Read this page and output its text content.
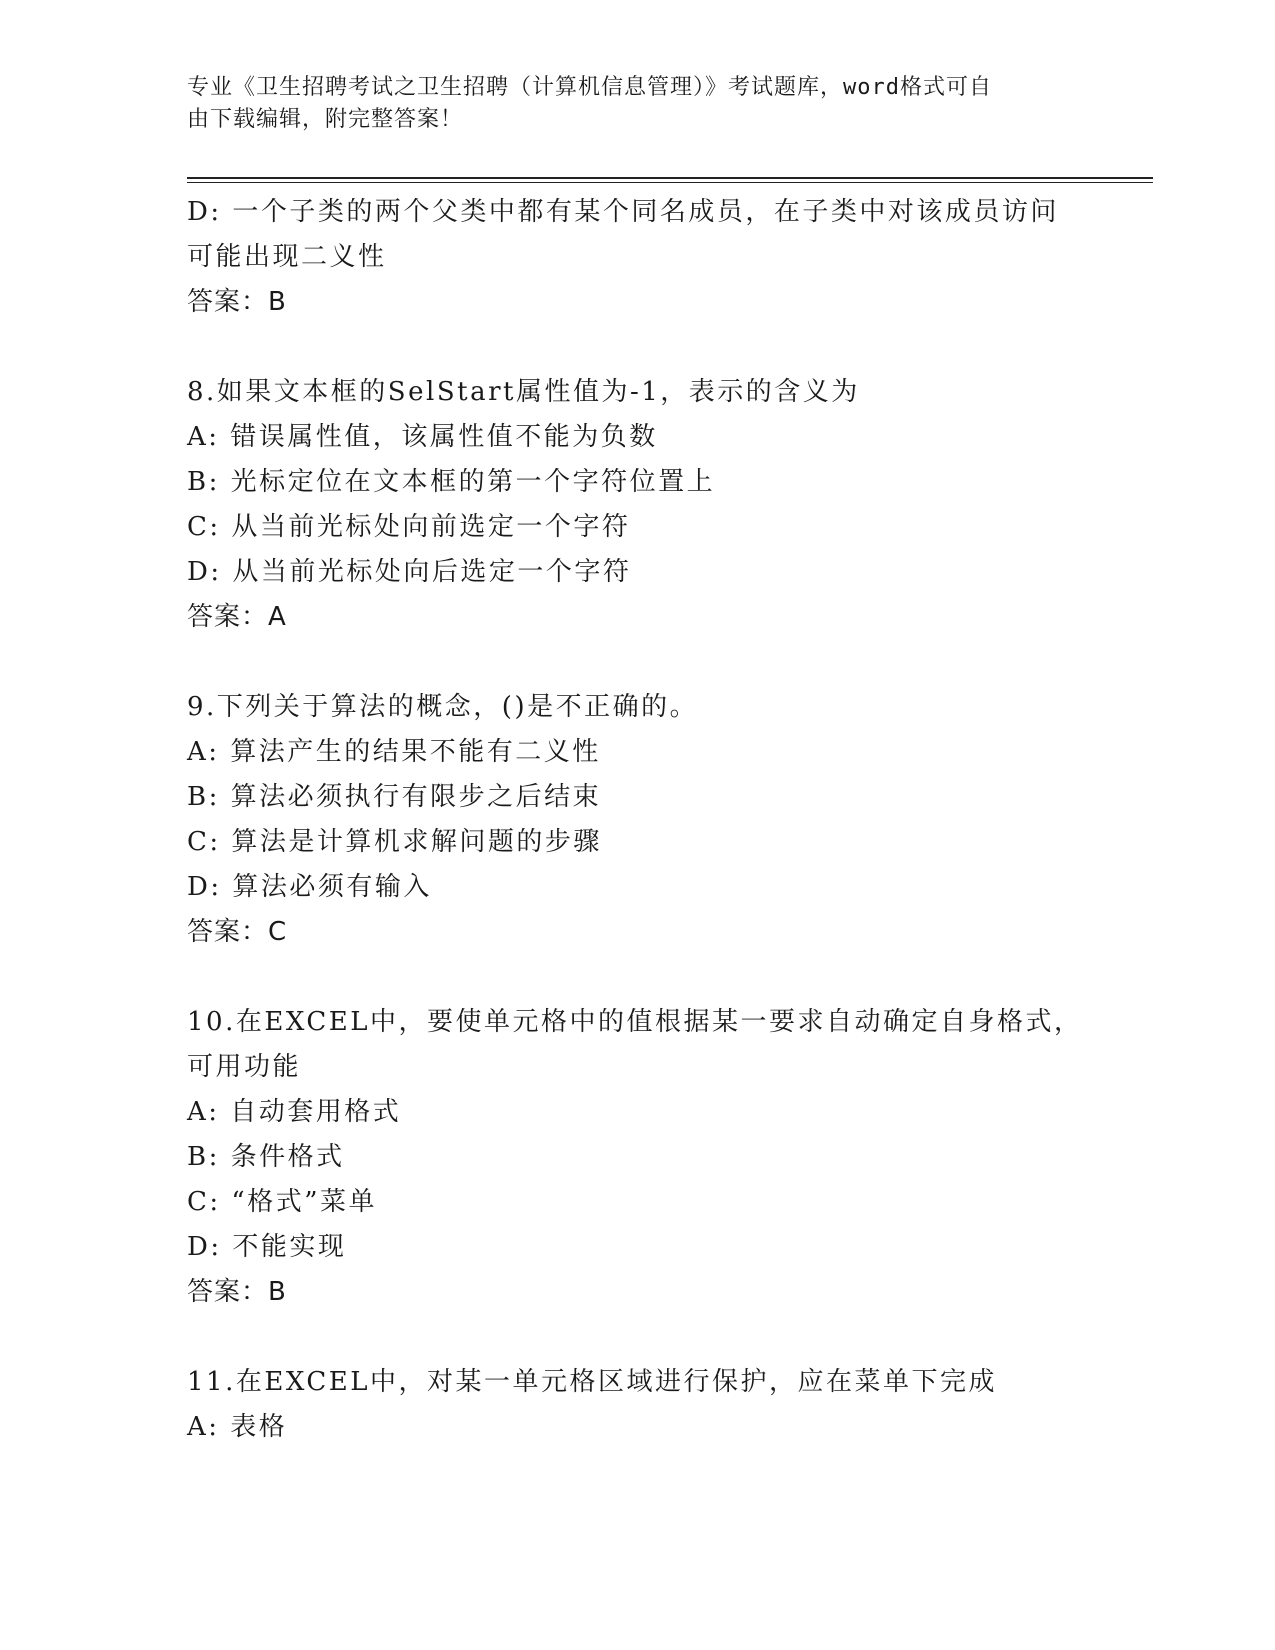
专业《卫生招聘考试之卫生招聘（计算机信息管理）》考试题库，word格式可自
由下载编辑，附完整答案！
D: 一个子类的两个父类中都有某个同名成员，在子类中对该成员访问
可能出现二义性
答案：B
8.如果文本框的SelStart属性值为-1，表示的含义为
A: 错误属性值，该属性值不能为负数
B: 光标定位在文本框的第一个字符位置上
C: 从当前光标处向前选定一个字符
D: 从当前光标处向后选定一个字符
答案：A
9.下列关于算法的概念，()是不正确的。
A: 算法产生的结果不能有二义性
B: 算法必须执行有限步之后结束
C: 算法是计算机求解问题的步骤
D: 算法必须有输入
答案：C
10.在EXCEL中，要使单元格中的值根据某一要求自动确定自身格式，
可用功能
A: 自动套用格式
B: 条件格式
C: “格式”菜单
D: 不能实现
答案：B
11.在EXCEL中，对某一单元格区域进行保护，应在菜单下完成
A: 表格
